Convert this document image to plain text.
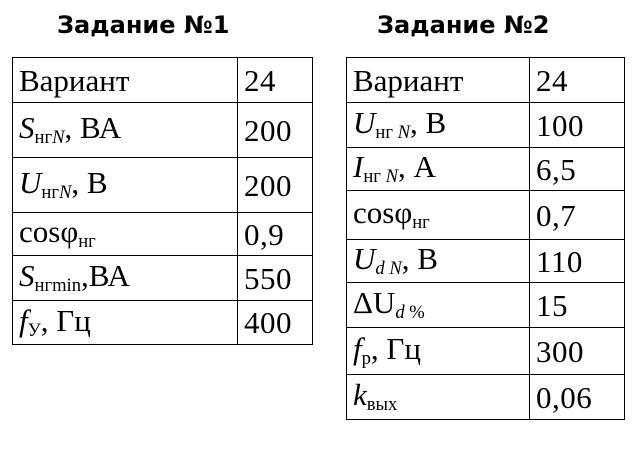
Задание №1	Задание №2
Вариант	24
$S_{нгN}$, ВА	200
$U_{нгN}$, В	200
cosφ$_{нг}$	0,9
$S_{нгmin},ВА$	550
$f_У$, Гц	400
Вариант	24
$U_{нг N}$, В	100
$I_{нг N}$, А	6,5
cosφ$_{нг}$	0,7
$U_{d N}$, В	110
$\Delta U_{d \%}$	15
$f_р$, Гц	300
$k_{вых}$	0,06
